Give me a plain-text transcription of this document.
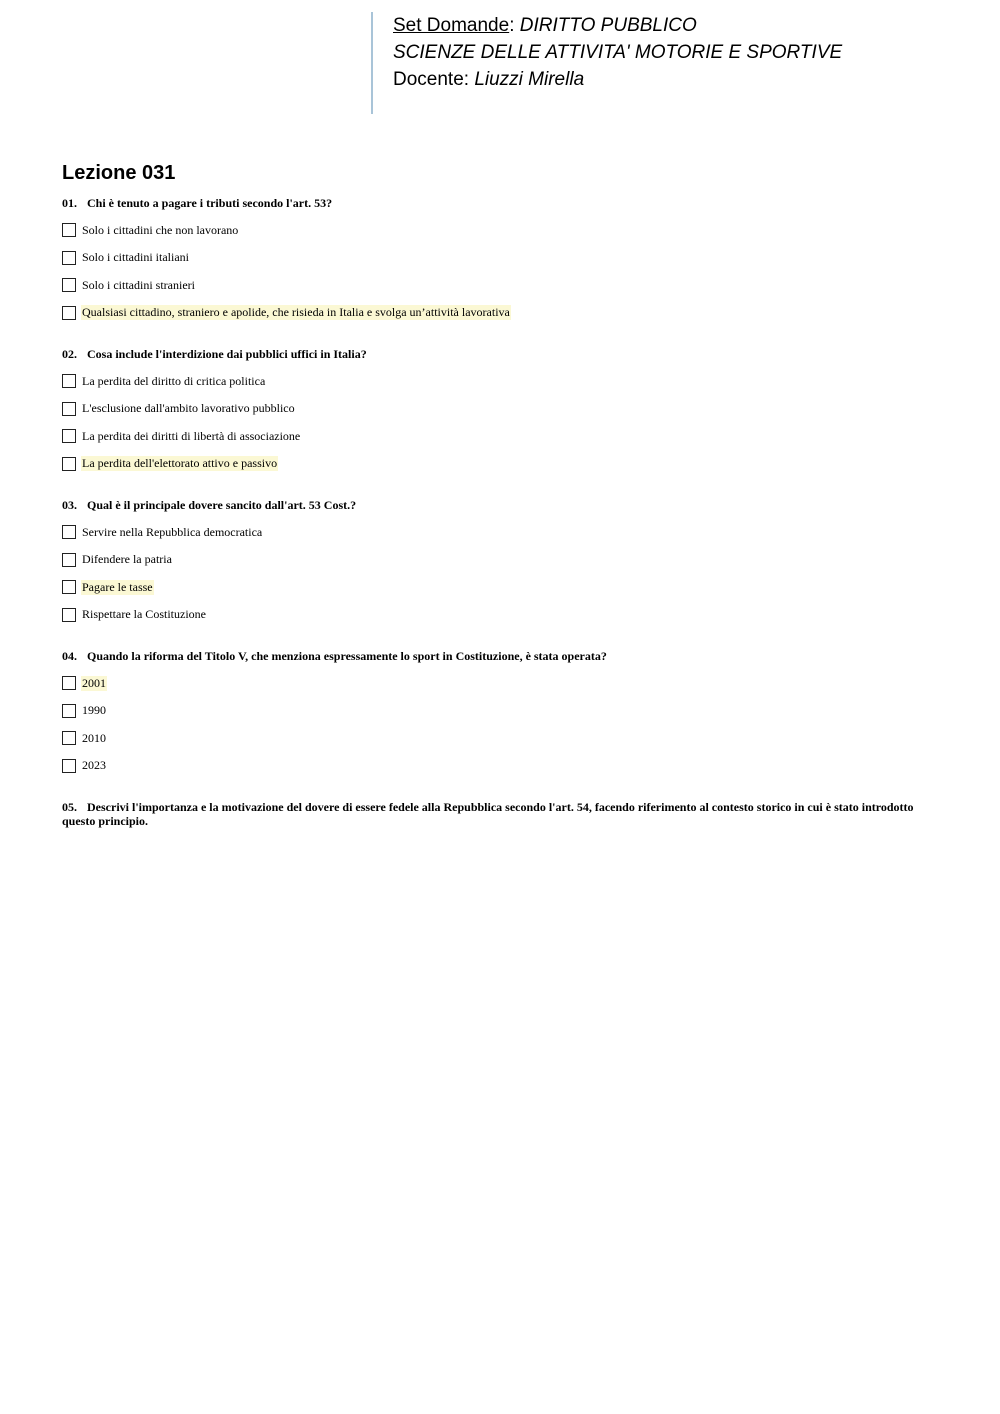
Set Domande: DIRITTO PUBBLICO
SCIENZE DELLE ATTIVITA' MOTORIE E SPORTIVE
Docente: Liuzzi Mirella
Lezione 031

01. Chi è tenuto a pagare i tributi secondo l'art. 53?

Solo i cittadini che non lavorano
Solo i cittadini italiani
Solo i cittadini stranieri
Qualsiasi cittadino, straniero e apolide, che risieda in Italia e svolga un’attività lavorativa

02. Cosa include l'interdizione dai pubblici uffici in Italia?

La perdita del diritto di critica politica
L'esclusione dall'ambito lavorativo pubblico
La perdita dei diritti di libertà di associazione
La perdita dell'elettorato attivo e passivo

03. Qual è il principale dovere sancito dall'art. 53 Cost.?

Servire nella Repubblica democratica
Difendere la patria
Pagare le tasse
Rispettare la Costituzione

04. Quando la riforma del Titolo V, che menziona espressamente lo sport in Costituzione, è stata operata?

2001
1990
2010
2023

05. Descrivi l'importanza e la motivazione del dovere di essere fedele alla Repubblica secondo l'art. 54, facendo riferimento al contesto storico in cui è stato introdotto questo principio.
